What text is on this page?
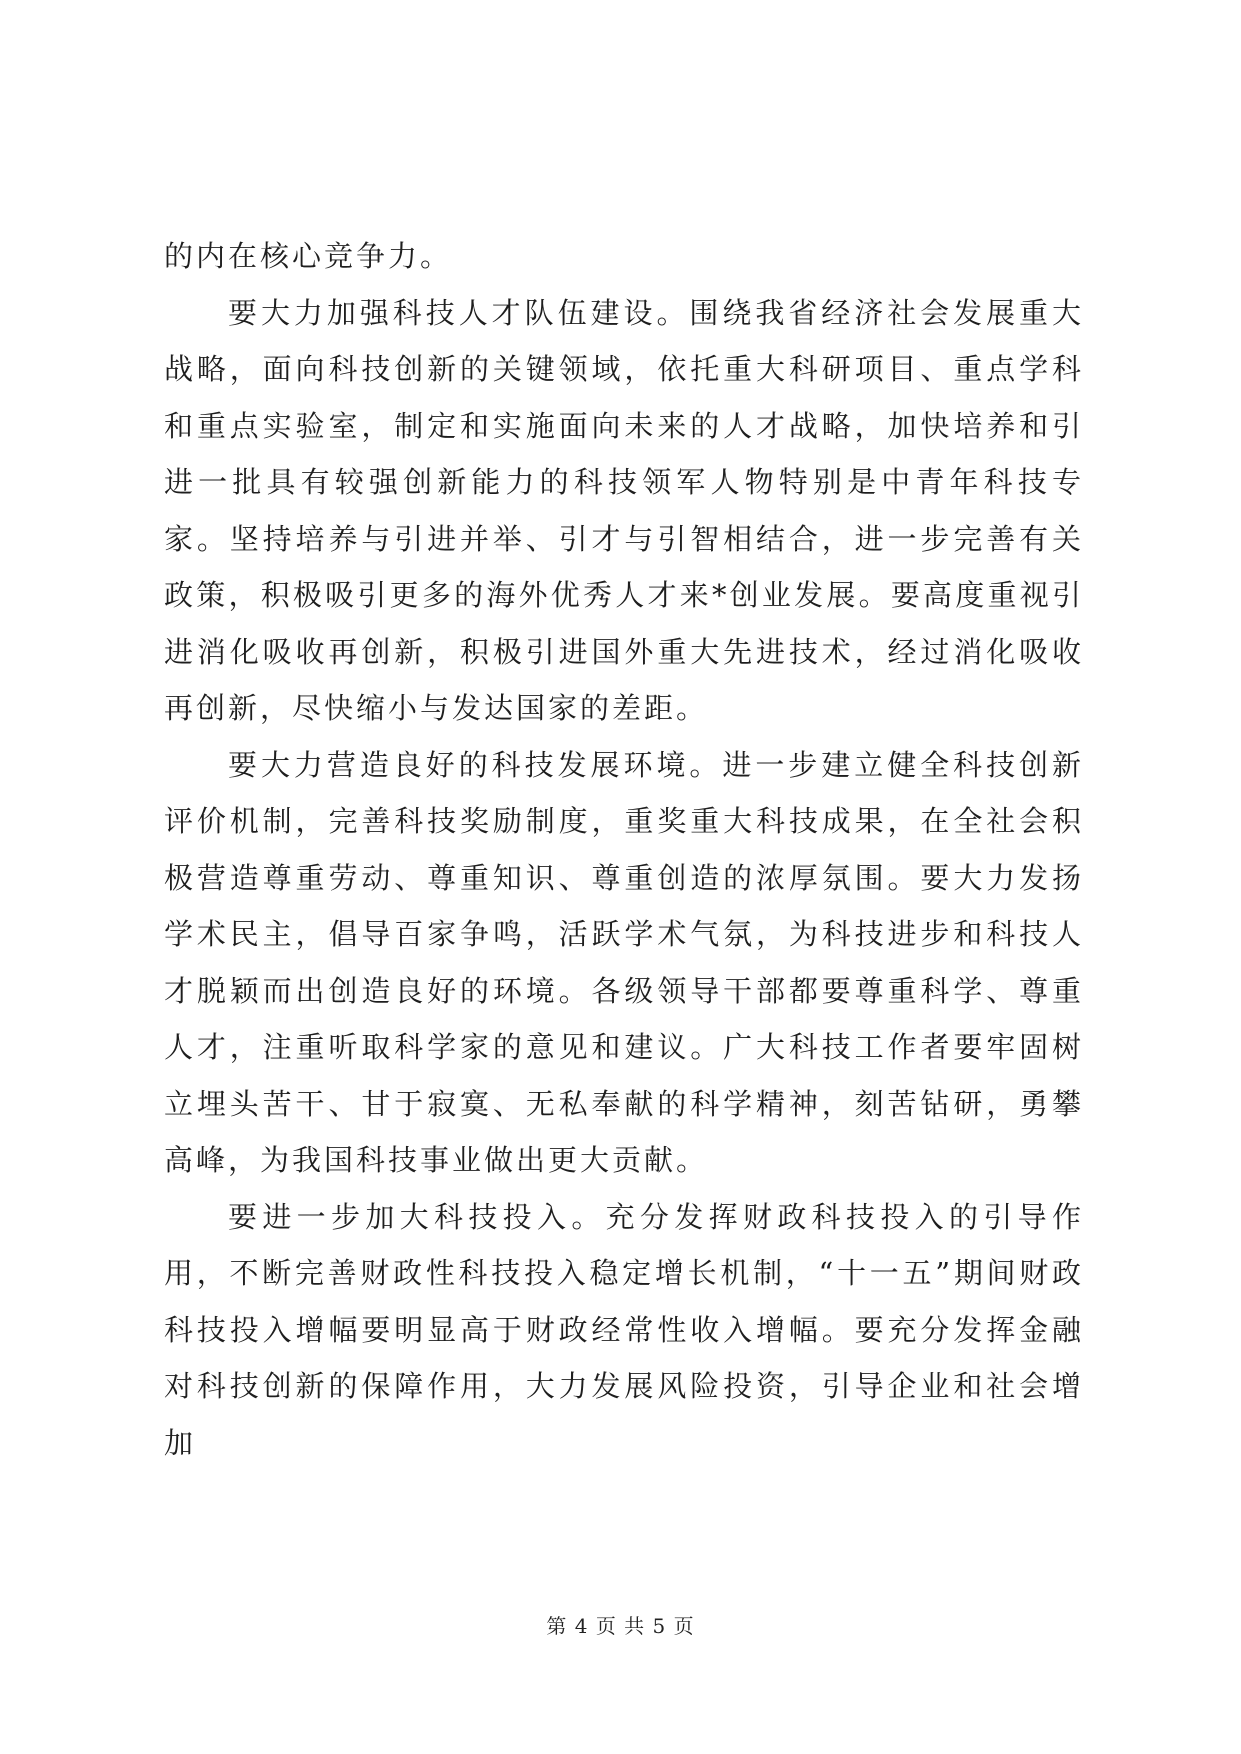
的内在核心竞争力。

要大力加强科技人才队伍建设。围绕我省经济社会发展重大战略，面向科技创新的关键领域，依托重大科研项目、重点学科和重点实验室，制定和实施面向未来的人才战略，加快培养和引进一批具有较强创新能力的科技领军人物特别是中青年科技专家。坚持培养与引进并举、引才与引智相结合，进一步完善有关政策，积极吸引更多的海外优秀人才来*创业发展。要高度重视引进消化吸收再创新，积极引进国外重大先进技术，经过消化吸收再创新，尽快缩小与发达国家的差距。

要大力营造良好的科技发展环境。进一步建立健全科技创新评价机制，完善科技奖励制度，重奖重大科技成果，在全社会积极营造尊重劳动、尊重知识、尊重创造的浓厚氛围。要大力发扬学术民主，倡导百家争鸣，活跃学术气氛，为科技进步和科技人才脱颖而出创造良好的环境。各级领导干部都要尊重科学、尊重人才，注重听取科学家的意见和建议。广大科技工作者要牢固树立埋头苦干、甘于寂寞、无私奉献的科学精神，刻苦钻研，勇攀高峰，为我国科技事业做出更大贡献。

要进一步加大科技投入。充分发挥财政科技投入的引导作用，不断完善财政性科技投入稳定增长机制，“十一五”期间财政科技投入增幅要明显高于财政经常性收入增幅。要充分发挥金融对科技创新的保障作用，大力发展风险投资，引导企业和社会增加

第 4 页 共 5 页
